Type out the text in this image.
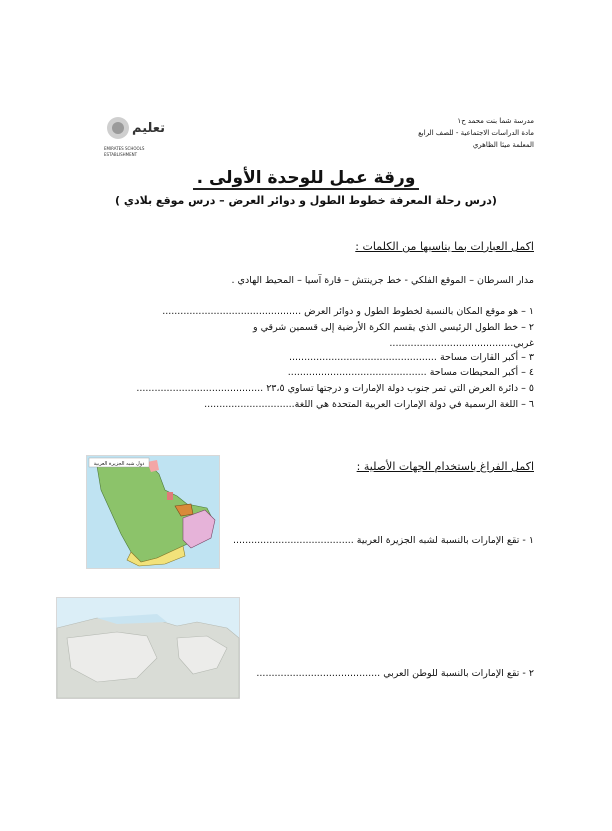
مدرسة شما بنت محمد ح١
مادة الدراسات الاجتماعية - للصف الرابع
المعلمة ميثا الظاهري
تعليم
EMIRATES SCHOOLS
ESTABLISHMENT
ورقة عمل للوحدة الأولى .
(درس رحلة المعرفة خطوط الطول و دوائر العرض – درس موقع بلادي )
اكمل العبارات بما يناسبها من الكلمات :
مدار السرطان – الموقع الفلكي - خط جرينتش – قارة آسيا – المحيط الهادي .
١ – هو موقع المكان بالنسبة لخطوط الطول و دوائر العرض ..............................................
٢ – خط الطول الرئيسي الذي يقسم الكرة الأرضية إلى قسمين شرقي و
غربي.........................................
٣ – أكبر القارات مساحة .................................................
٤ – أكبر المحيطات مساحة ..............................................
٥ – دائرة العرض التي تمر جنوب دولة الإمارات و درجتها تساوي ٢٣،٥ ..........................................
٦ – اللغة الرسمية في دولة الإمارات العربية المتحدة هي اللغة..............................
اكمل الفراغ باستخدام الجهات الأصلية :
دول شبه الجزيرة العربية
١ - تقع الإمارات بالنسبة لشبه الجزيرة العربية ........................................
٢ - تقع الإمارات بالنسبة للوطن العربي .........................................
